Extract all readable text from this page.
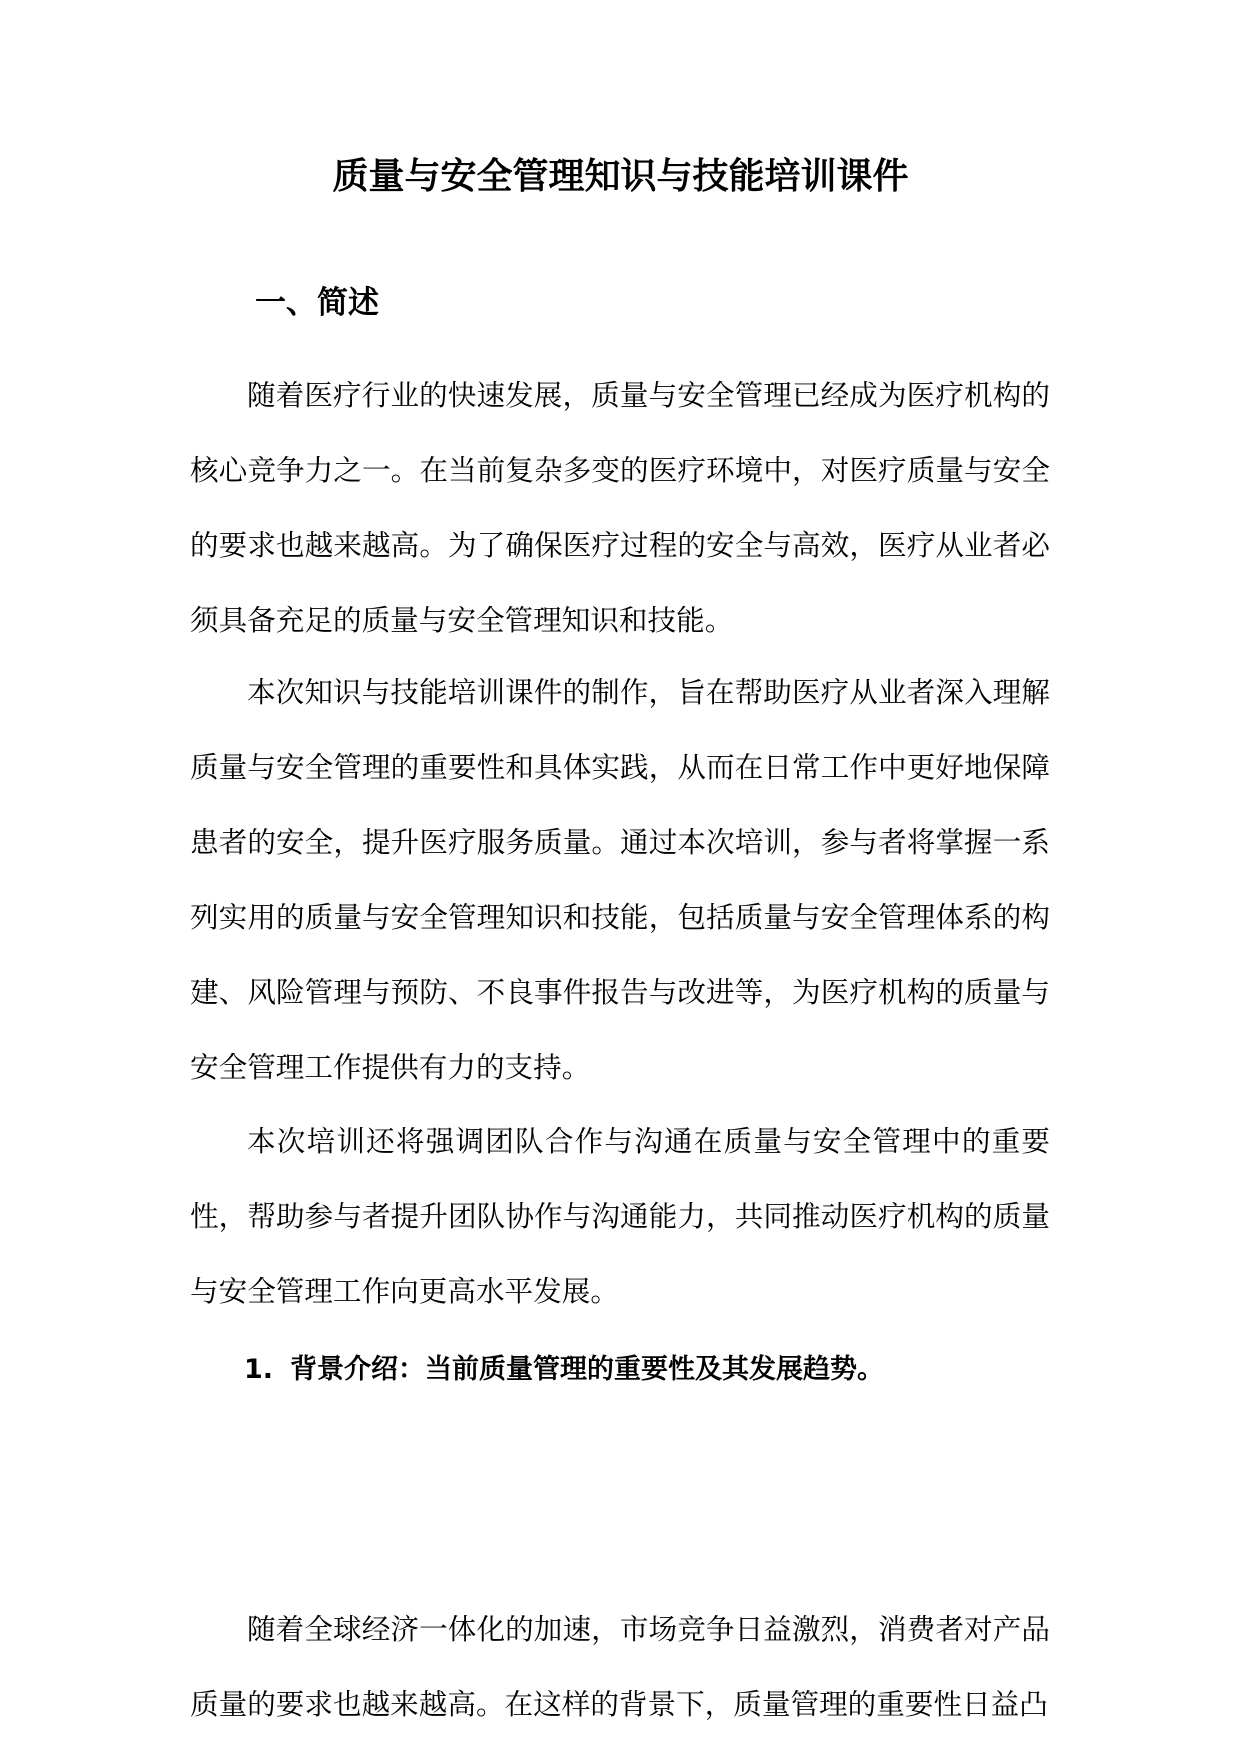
质量与安全管理知识与技能培训课件
一、简述

随着医疗行业的快速发展，质量与安全管理已经成为医疗机构的核心竞争力之一。在当前复杂多变的医疗环境中，对医疗质量与安全的要求也越来越高。为了确保医疗过程的安全与高效，医疗从业者必须具备充足的质量与安全管理知识和技能。

本次知识与技能培训课件的制作，旨在帮助医疗从业者深入理解质量与安全管理的重要性和具体实践，从而在日常工作中更好地保障患者的安全，提升医疗服务质量。通过本次培训，参与者将掌握一系列实用的质量与安全管理知识和技能，包括质量与安全管理体系的构建、风险管理与预防、不良事件报告与改进等，为医疗机构的质量与安全管理工作提供有力的支持。

本次培训还将强调团队合作与沟通在质量与安全管理中的重要性，帮助参与者提升团队协作与沟通能力，共同推动医疗机构的质量与安全管理工作向更高水平发展。

1. 背景介绍：当前质量管理的重要性及其发展趋势。

随着全球经济一体化的加速，市场竞争日益激烈，消费者对产品质量的要求也越来越高。在这样的背景下，质量管理的重要性日益凸
